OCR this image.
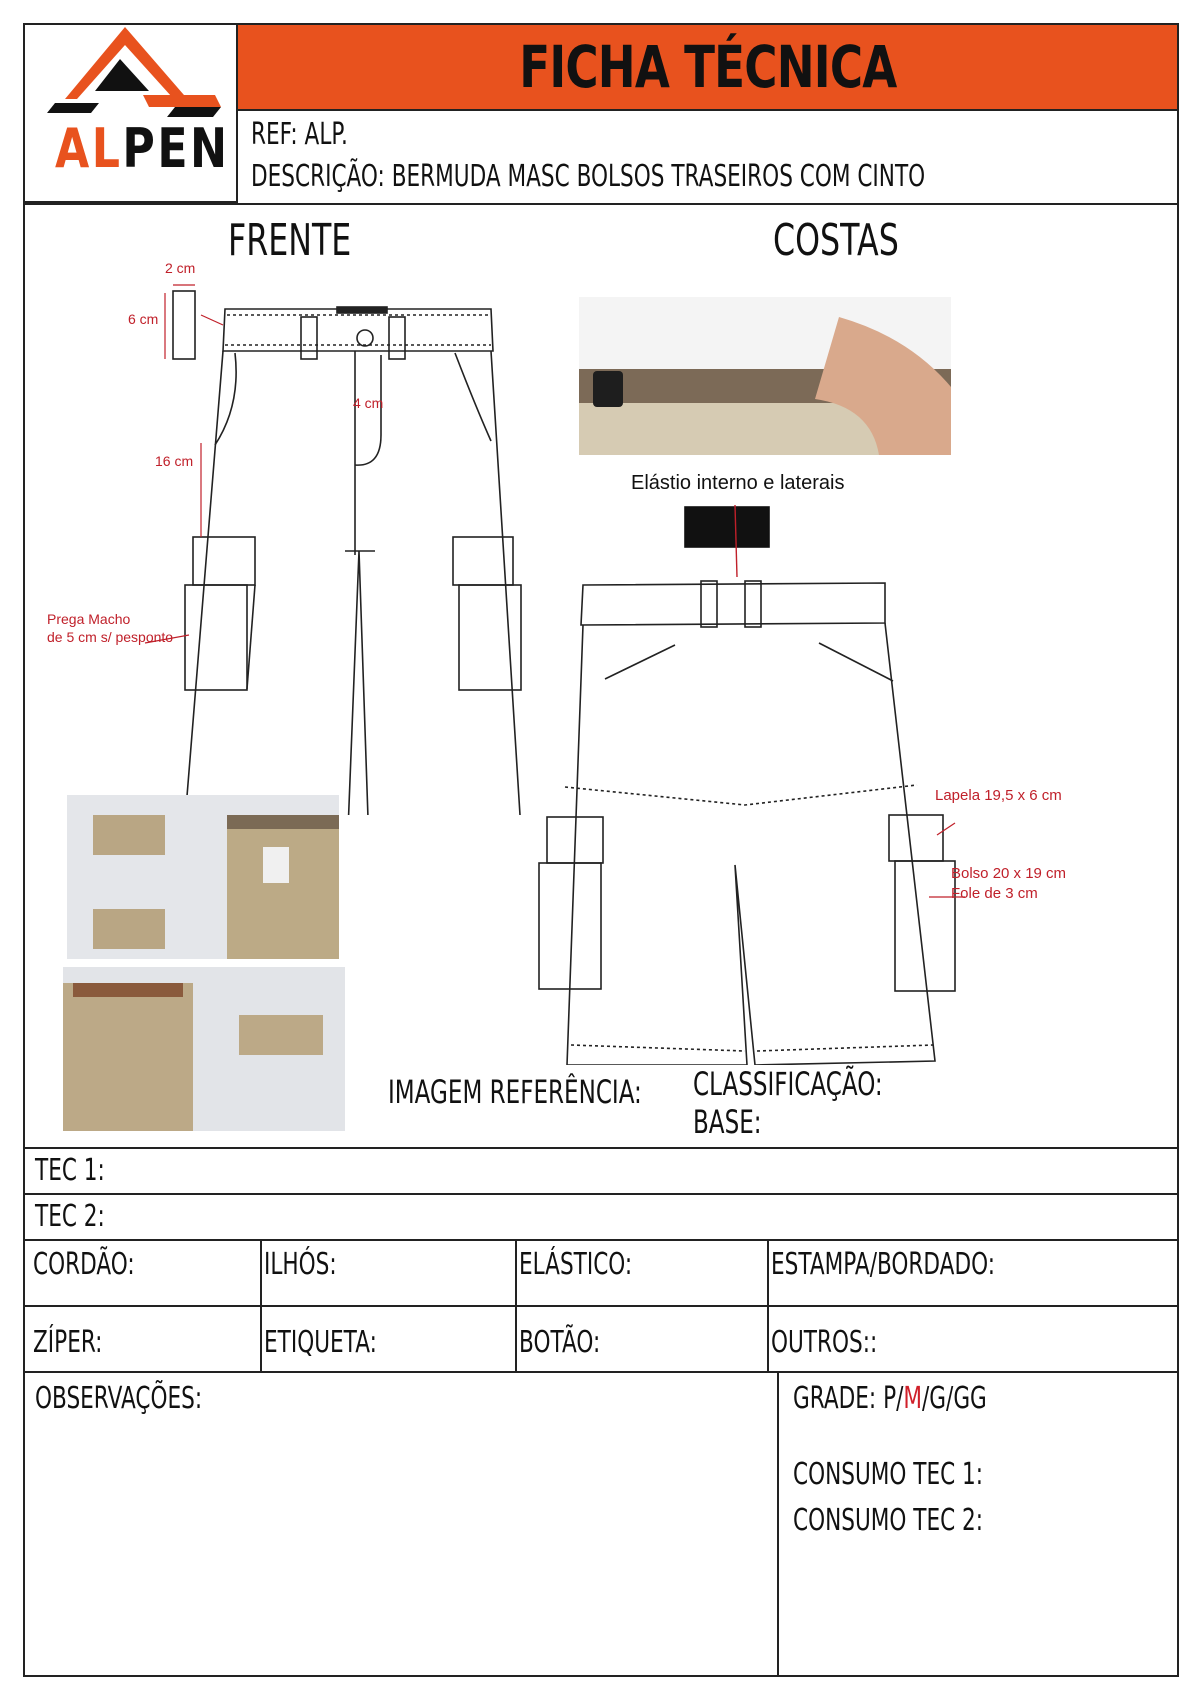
ALPEN
FICHA TÉCNICA
REF: ALP.
DESCRIÇÃO: BERMUDA MASC BOLSOS TRASEIROS COM CINTO
FRENTE	COSTAS
2 cm
6 cm
4 cm
16 cm
Prega Macho
de 5 cm s/ pesponto
Elástio interno e laterais
Lapela 19,5 x 6 cm
Bolso 20 x 19 cm
Fole de 3 cm
IMAGEM REFERÊNCIA: CLASSIFICAÇÃO:
BASE:
TEC 1:
TEC 2:
CORDÃO:	ILHÓS:	ELÁSTICO:	ESTAMPA/BORDADO:
ZÍPER:	ETIQUETA:	BOTÃO:	OUTROS::
OBSERVAÇÕES:	GRADE: P/M/G/GG
CONSUMO TEC 1:
CONSUMO TEC 2:
